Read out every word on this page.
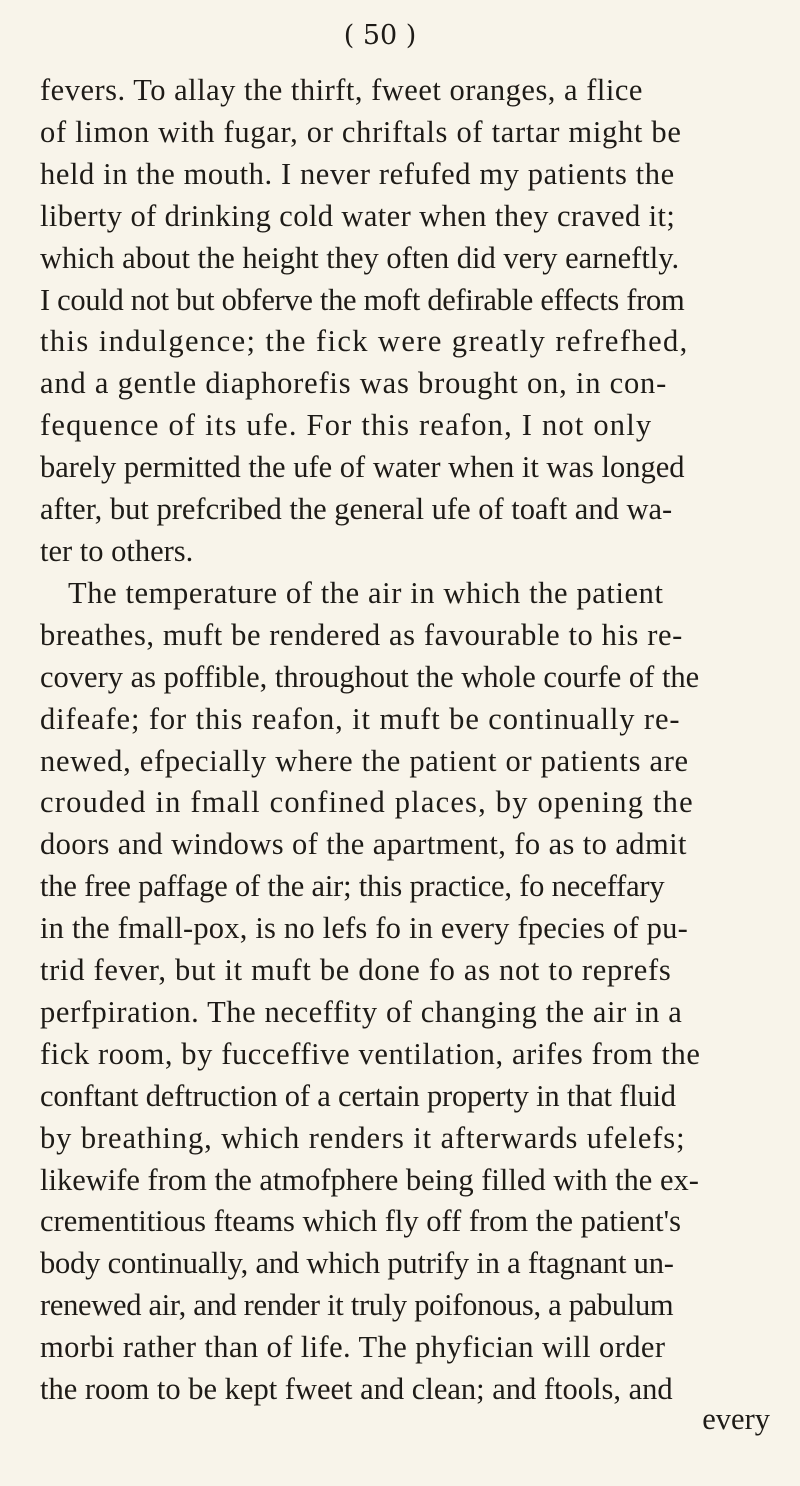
( 50 )
fevers. To allay the thirft, fweet oranges, a flice
of limon with fugar, or chriftals of tartar might be
held in the mouth. I never refufed my patients the
liberty of drinking cold water when they craved it;
which about the height they often did very earneftly.
I could not but obferve the moft defirable effects from
this indulgence; the fick were greatly refrefhed,
and a gentle diaphorefis was brought on, in con-
fequence of its ufe. For this reafon, I not only
barely permitted the ufe of water when it was longed
after, but prefcribed the general ufe of toaft and wa-
ter to others.
The temperature of the air in which the patient
breathes, muft be rendered as favourable to his re-
covery as poffible, throughout the whole courfe of the
difeafe; for this reafon, it muft be continually re-
newed, efpecially where the patient or patients are
crouded in fmall confined places, by opening the
doors and windows of the apartment, fo as to admit
the free paffage of the air; this practice, fo neceffary
in the fmall-pox, is no lefs fo in every fpecies of pu-
trid fever, but it muft be done fo as not to reprefs
perfpiration. The neceffity of changing the air in a
fick room, by fucceffive ventilation, arifes from the
conftant deftruction of a certain property in that fluid
by breathing, which renders it afterwards ufelefs;
likewife from the atmofphere being filled with the ex-
crementitious fteams which fly off from the patient's
body continually, and which putrify in a ftagnant un-
renewed air, and render it truly poifonous, a pabulum
morbi rather than of life. The phyfician will order
the room to be kept fweet and clean; and ftools, and
every
